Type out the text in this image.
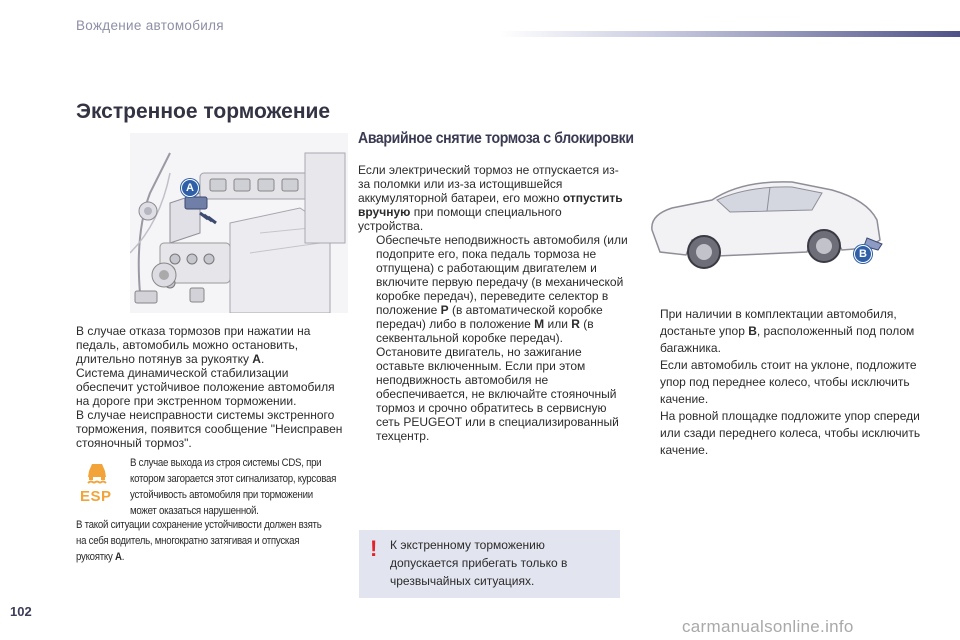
Вождение автомобиля
Экстренное торможение
Аварийное снятие тормоза с блокировки
A
B

В случае отказа тормозов при нажатии на педаль, автомобиль можно остановить, длительно потянув за рукоятку A.

Система динамической стабилизации обеспечит устойчивое положение автомобиля на дороге при экстренном торможении.

В случае неисправности системы экстренного торможения, появится сообщение "Неисправен стояночный тормоз".

ESP
В случае выхода из строя системы CDS, при котором загорается этот сигнализатор, курсовая устойчивость автомобиля при торможении может оказаться нарушенной.
В такой ситуации сохранение устойчивости должен взять на себя водитель, многократно затягивая и отпуская рукоятку A.

Если электрический тормоз не отпускается из-за поломки или из-за истощившейся аккумуляторной батареи, его можно отпустить вручную при помощи специального устройства.

Обеспечьте неподвижность автомобиля (или подоприте его, пока педаль тормоза не отпущена) с работающим двигателем и включите первую передачу (в механической коробке передач), переведите селектор в положение P (в автоматической коробке передач) либо в положение M или R (в секвентальной коробке передач).

Остановите двигатель, но зажигание оставьте включенным. Если при этом неподвижность автомобиля не обеспечивается, не включайте стояночный тормоз и срочно обратитесь в сервисную сеть PEUGEOT или в специализированный техцентр.

При наличии в комплектации автомобиля, достаньте упор B, расположенный под полом багажника.

Если автомобиль стоит на уклоне, подложите упор под переднее колесо, чтобы исключить качение.

На ровной площадке подложите упор спереди или сзади переднего колеса, чтобы исключить качение.

! К экстренному торможению допускается прибегать только в чрезвычайных ситуациях.
102
carmanualsonline.info
